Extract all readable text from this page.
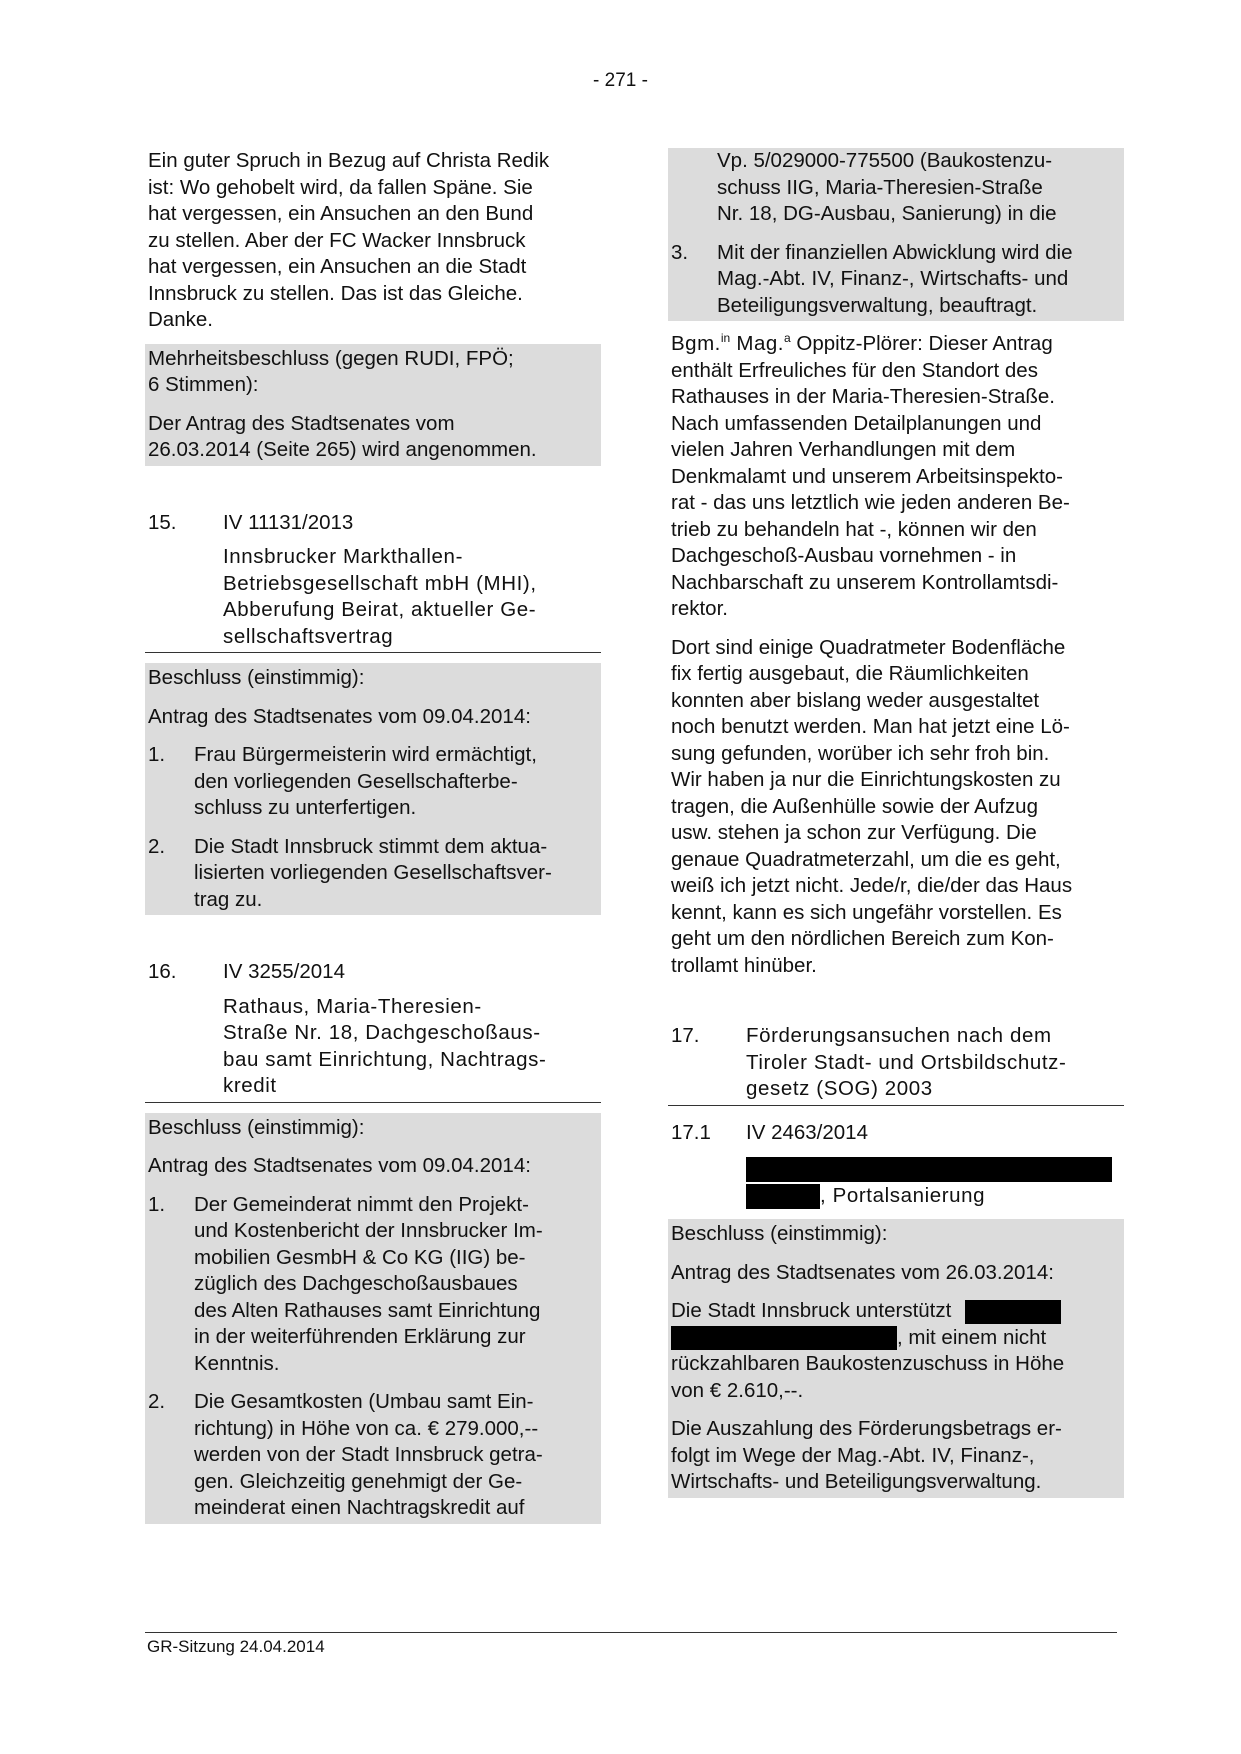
- 271 -
Ein guter Spruch in Bezug auf Christa Redik
ist: Wo gehobelt wird, da fallen Späne. Sie
hat vergessen, ein Ansuchen an den Bund
zu stellen. Aber der FC Wacker Innsbruck
hat vergessen, ein Ansuchen an die Stadt
Innsbruck zu stellen. Das ist das Gleiche.
Danke.

Mehrheitsbeschluss (gegen RUDI, FPÖ;
6 Stimmen):

Der Antrag des Stadtsenates vom
26.03.2014 (Seite 265) wird angenommen.

15.	IV 11131/2013
Innsbrucker Markthallen-
Betriebsgesellschaft mbH (MHI),
Abberufung Beirat, aktueller Ge-
sellschaftsvertrag

Beschluss (einstimmig):

Antrag des Stadtsenates vom 09.04.2014:

1.	Frau Bürgermeisterin wird ermächtigt,
den vorliegenden Gesellschafterbe-
schluss zu unterfertigen.
2.	Die Stadt Innsbruck stimmt dem aktua-
lisierten vorliegenden Gesellschaftsver-
trag zu.
16.	IV 3255/2014
Rathaus, Maria-Theresien-
Straße Nr. 18, Dachgeschoßaus-
bau samt Einrichtung, Nachtrags-
kredit

Beschluss (einstimmig):

Antrag des Stadtsenates vom 09.04.2014:

1.	Der Gemeinderat nimmt den Projekt-
und Kostenbericht der Innsbrucker Im-
mobilien GesmbH & Co KG (IIG) be-
züglich des Dachgeschoßausbaues
des Alten Rathauses samt Einrichtung
in der weiterführenden Erklärung zur
Kenntnis.
2.	Die Gesamtkosten (Umbau samt Ein-
richtung) in Höhe von ca. € 279.000,--
werden von der Stadt Innsbruck getra-
gen. Gleichzeitig genehmigt der Ge-
meinderat einen Nachtragskredit auf
Vp. 5/029000-775500 (Baukostenzu-
schuss IIG, Maria-Theresien-Straße
Nr. 18, DG-Ausbau, Sanierung) in die
3.	Mit der finanziellen Abwicklung wird die
Mag.-Abt. IV, Finanz-, Wirtschafts- und
Beteiligungsverwaltung, beauftragt.
Bgm.$^{in}$ Mag.$^a$ Oppitz-Plörer: Dieser Antrag
enthält Erfreuliches für den Standort des
Rathauses in der Maria-Theresien-Straße.
Nach umfassenden Detailplanungen und
vielen Jahren Verhandlungen mit dem
Denkmalamt und unserem Arbeitsinspekto-
rat - das uns letztlich wie jeden anderen Be-
trieb zu behandeln hat -, können wir den
Dachgeschoß-Ausbau vornehmen - in
Nachbarschaft zu unserem Kontrollamtsdi-
rektor.
Dort sind einige Quadratmeter Bodenfläche
fix fertig ausgebaut, die Räumlichkeiten
konnten aber bislang weder ausgestaltet
noch benutzt werden. Man hat jetzt eine Lö-
sung gefunden, worüber ich sehr froh bin.
Wir haben ja nur die Einrichtungskosten zu
tragen, die Außenhülle sowie der Aufzug
usw. stehen ja schon zur Verfügung. Die
genaue Quadratmeterzahl, um die es geht,
weiß ich jetzt nicht. Jede/r, die/der das Haus
kennt, kann es sich ungefähr vorstellen. Es
geht um den nördlichen Bereich zum Kon-
trollamt hinüber.
17.	Förderungsansuchen nach dem
Tiroler Stadt- und Ortsbildschutz-
gesetz (SOG) 2003
17.1	IV 2463/2014
, Portalsanierung

Beschluss (einstimmig):

Antrag des Stadtsenates vom 26.03.2014:

Die Stadt Innsbruck unterstützt
, mit einem nicht
rückzahlbaren Baukostenzuschuss in Höhe
von € 2.610,--.

Die Auszahlung des Förderungsbetrags er-
folgt im Wege der Mag.-Abt. IV, Finanz-,
Wirtschafts- und Beteiligungsverwaltung.

GR-Sitzung 24.04.2014
